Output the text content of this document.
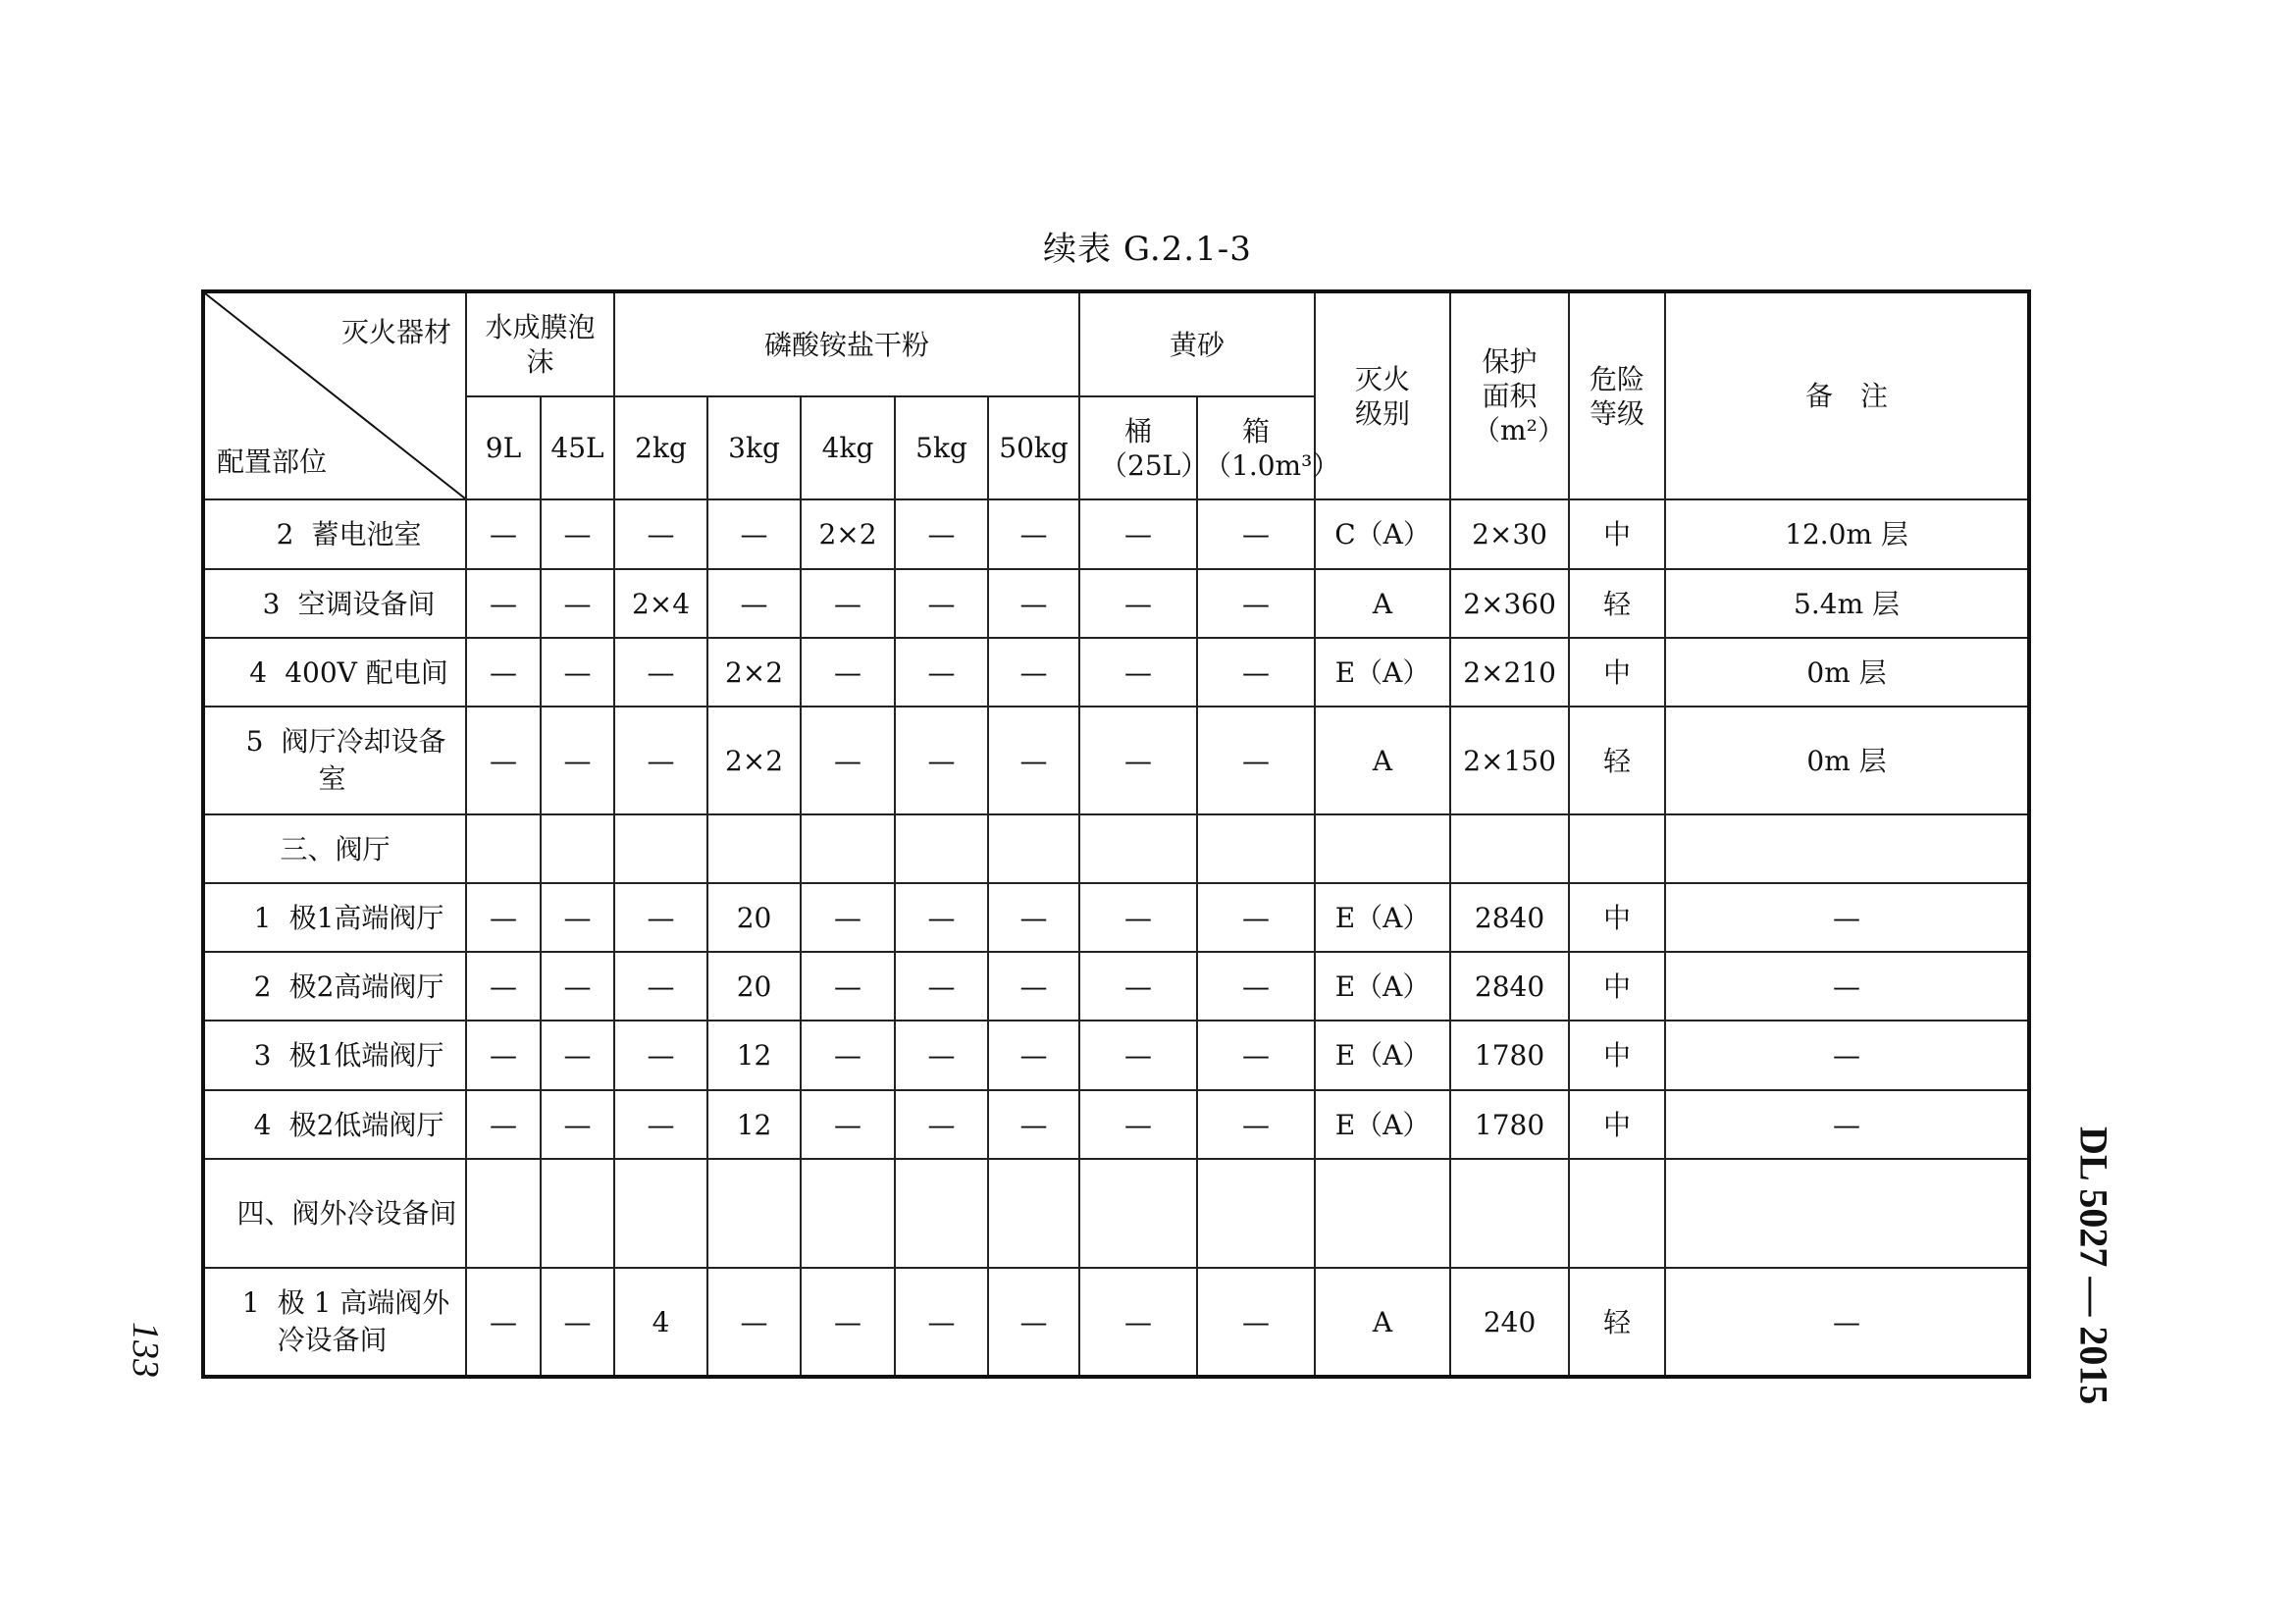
续表 G.2.1-3
灭火器材
配置部位	水成膜泡沫		磷酸铵盐干粉					黄砂		灭火级别	保护面积（m²）	危险等级	备　注
	9L	45L	2kg	3kg	4kg	5kg	50kg	桶（25L）	箱（1.0m³）				
2 蓄电池室	—	—	—	—	2×2	—	—	—	—	C（A）	2×30	中	12.0m 层
3 空调设备间	—	—	2×4	—	—	—	—	—	—	A	2×360	轻	5.4m 层
4 400V 配电间	—	—	—	2×2	—	—	—	—	—	E（A）	2×210	中	0m 层
5 阀厅冷却设备室	—	—	—	2×2	—	—	—	—	—	A	2×150	轻	0m 层
三、阀厅													
1 极1高端阀厅	—	—	—	20	—	—	—	—	—	E（A）	2840	中	—
2 极2高端阀厅	—	—	—	20	—	—	—	—	—	E（A）	2840	中	—
3 极1低端阀厅	—	—	—	12	—	—	—	—	—	E（A）	1780	中	—
4 极2低端阀厅	—	—	—	12	—	—	—	—	—	E（A）	1780	中	—
四、阀外冷设备间													
1 极 1 高端阀外冷设备间	—	—	4	—	—	—	—	—	—	A	240	轻	—	DL 5027 — 2015
133
